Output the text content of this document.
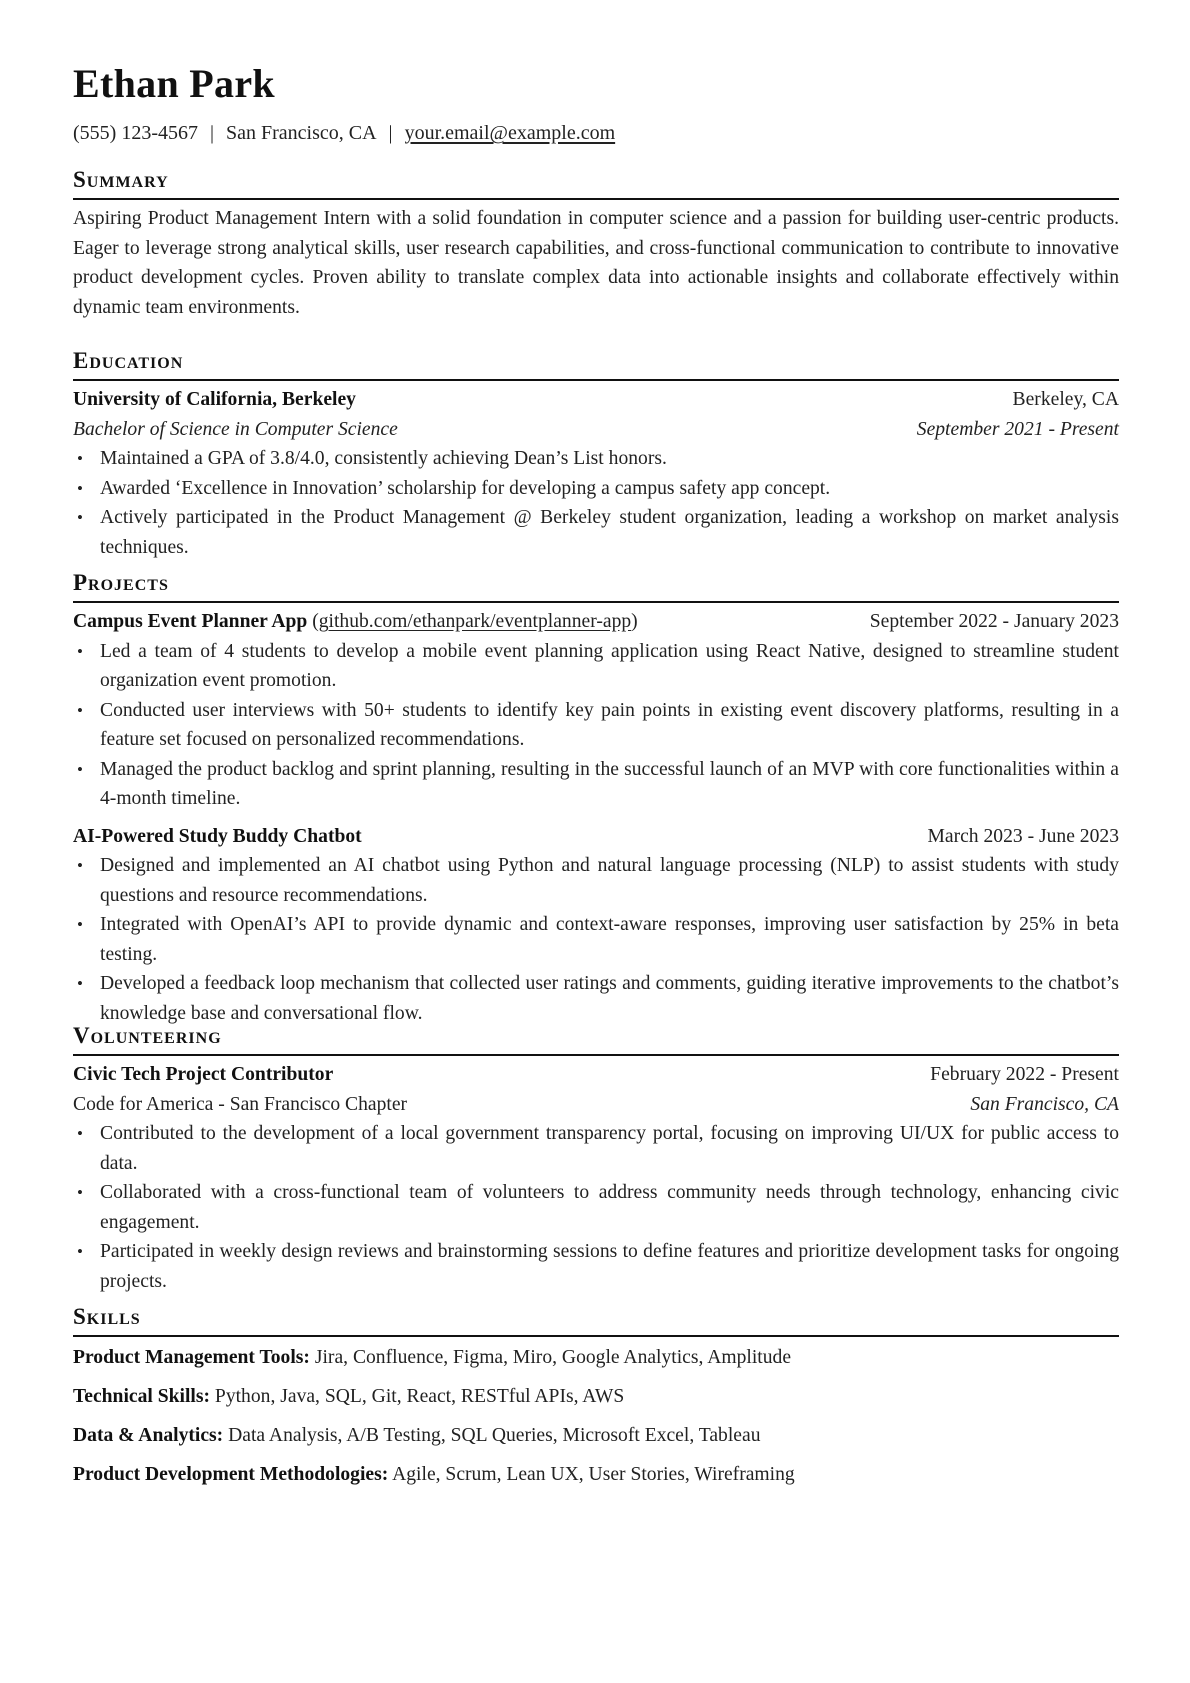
Ethan Park
(555) 123-4567 | San Francisco, CA | your.email@example.com
Summary
Aspiring Product Management Intern with a solid foundation in computer science and a passion for building user-centric products. Eager to leverage strong analytical skills, user research capabilities, and cross-functional communication to contribute to innovative product development cycles. Proven ability to translate complex data into actionable insights and collaborate effectively within dynamic team environments.
Education
University of California, Berkeley	Berkeley, CA
Bachelor of Science in Computer Science	September 2021 - Present
• Maintained a GPA of 3.8/4.0, consistently achieving Dean’s List honors.
• Awarded ‘Excellence in Innovation’ scholarship for developing a campus safety app concept.
• Actively participated in the Product Management @ Berkeley student organization, leading a workshop on market analysis techniques.
Projects
Campus Event Planner App (github.com/ethanpark/eventplanner-app)	September 2022 - January 2023
• Led a team of 4 students to develop a mobile event planning application using React Native, designed to streamline student organization event promotion.
• Conducted user interviews with 50+ students to identify key pain points in existing event discovery platforms, resulting in a feature set focused on personalized recommendations.
• Managed the product backlog and sprint planning, resulting in the successful launch of an MVP with core functionalities within a 4-month timeline.
AI-Powered Study Buddy Chatbot	March 2023 - June 2023
• Designed and implemented an AI chatbot using Python and natural language processing (NLP) to assist students with study questions and resource recommendations.
• Integrated with OpenAI’s API to provide dynamic and context-aware responses, improving user satisfaction by 25% in beta testing.
• Developed a feedback loop mechanism that collected user ratings and comments, guiding iterative improvements to the chatbot’s knowledge base and conversational flow.
Volunteering
Civic Tech Project Contributor	February 2022 - Present
Code for America - San Francisco Chapter	San Francisco, CA
• Contributed to the development of a local government transparency portal, focusing on improving UI/UX for public access to data.
• Collaborated with a cross-functional team of volunteers to address community needs through technology, enhancing civic engagement.
• Participated in weekly design reviews and brainstorming sessions to define features and prioritize development tasks for ongoing projects.
Skills
Product Management Tools: Jira, Confluence, Figma, Miro, Google Analytics, Amplitude
Technical Skills: Python, Java, SQL, Git, React, RESTful APIs, AWS
Data & Analytics: Data Analysis, A/B Testing, SQL Queries, Microsoft Excel, Tableau
Product Development Methodologies: Agile, Scrum, Lean UX, User Stories, Wireframing
